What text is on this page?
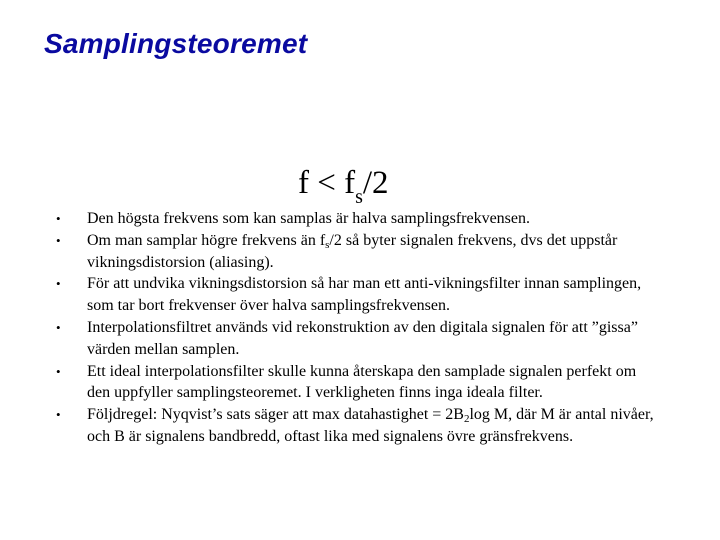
Samplingsteoremet
$f < f_s/2$
• Den högsta frekvens som kan samplas är halva samplingsfrekvensen.
• Om man samplar högre frekvens än $f_s/2$ så byter signalen frekvens, dvs det uppstår vikningsdistorsion (aliasing).
• För att undvika vikningsdistorsion så har man ett anti-vikningsfilter innan samplingen, som tar bort frekvenser över halva samplingsfrekvensen.
• Interpolationsfiltret används vid rekonstruktion av den digitala signalen för att ”gissa” värden mellan samplen.
• Ett ideal interpolationsfilter skulle kunna återskapa den samplade signalen perfekt om den uppfyller samplingsteoremet. I verkligheten finns inga ideala filter.
• Följdregel: Nyqvist’s sats säger att max datahastighet = $2B_2\log$ M, där M är antal nivåer, och B är signalens bandbredd, oftast lika med signalens övre gränsfrekvens.
